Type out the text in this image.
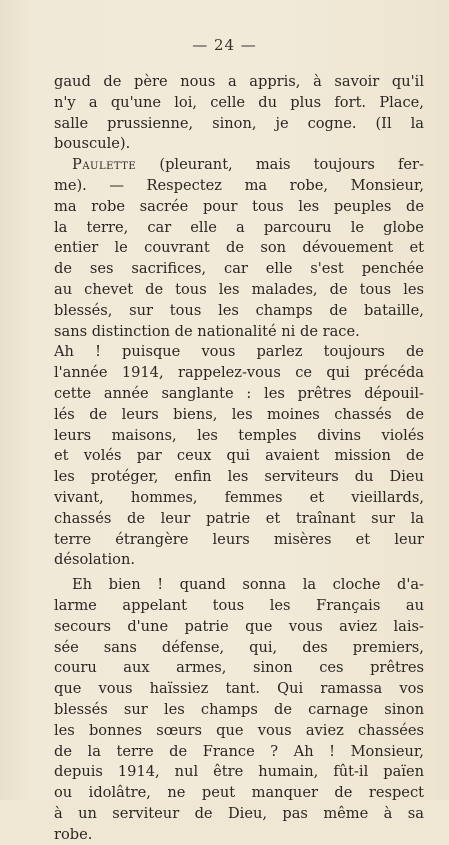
— 24 —
gaud de père nous a appris, à savoir qu'il
n'y a qu'une loi, celle du plus fort. Place,
salle prussienne, sinon, je cogne. (Il la
bouscule).
Paulette (pleurant, mais toujours fer-
me). — Respectez ma robe, Monsieur,
ma robe sacrée pour tous les peuples de
la terre, car elle a parcouru le globe
entier le couvrant de son dévouement et
de ses sacrifices, car elle s'est penchée
au chevet de tous les malades, de tous les
blessés, sur tous les champs de bataille,
sans distinction de nationalité ni de race.
Ah ! puisque vous parlez toujours de
l'année 1914, rappelez-vous ce qui précéda
cette année sanglante : les prêtres dépouil-
lés de leurs biens, les moines chassés de
leurs maisons, les temples divins violés
et volés par ceux qui avaient mission de
les protéger, enfin les serviteurs du Dieu
vivant, hommes, femmes et vieillards,
chassés de leur patrie et traînant sur la
terre étrangère leurs misères et leur
désolation.
Eh bien ! quand sonna la cloche d'a-
larme appelant tous les Français au
secours d'une patrie que vous aviez lais-
sée sans défense, qui, des premiers,
couru aux armes, sinon ces prêtres
que vous haïssiez tant. Qui ramassa vos
blessés sur les champs de carnage sinon
les bonnes sœurs que vous aviez chassées
de la terre de France ? Ah ! Monsieur,
depuis 1914, nul être humain, fût-il païen
ou idolâtre, ne peut manquer de respect
à un serviteur de Dieu, pas même à sa
robe.
